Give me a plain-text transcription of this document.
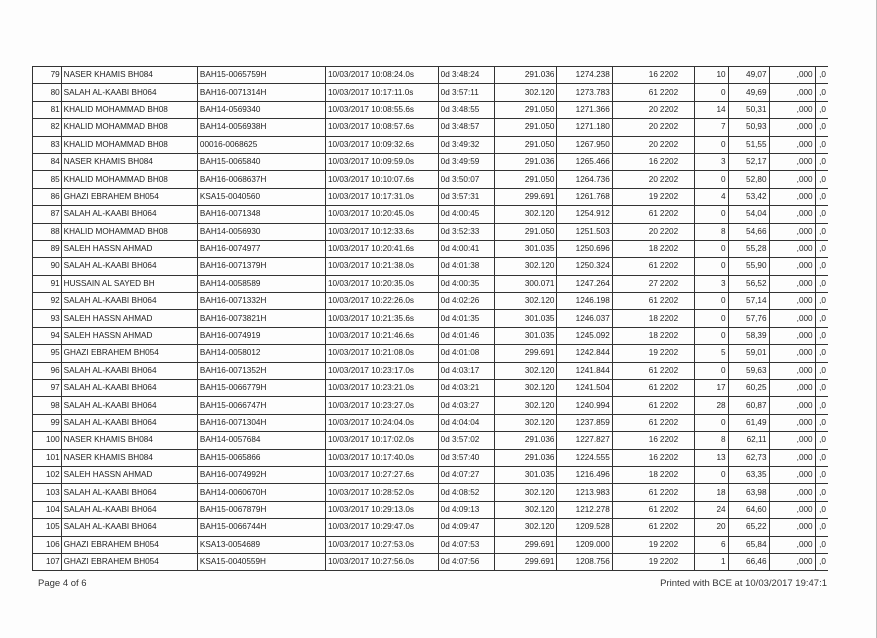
79	NASER KHAMIS BH084	BAH15-0065759H	10/03/2017 10:08:24.0s	0d 3:48:24	291.036	1274.238	16	2202	10	49,07	,000	,0
80	SALAH AL-KAABI BH064	BAH16-0071314H	10/03/2017 10:17:11.0s	0d 3:57:11	302.120	1273.783	61	2202	0	49,69	,000	,0
81	KHALID MOHAMMAD BH08	BAH14-0569340	10/03/2017 10:08:55.6s	0d 3:48:55	291.050	1271.366	20	2202	14	50,31	,000	,0
82	KHALID MOHAMMAD BH08	BAH14-0056938H	10/03/2017 10:08:57.6s	0d 3:48:57	291.050	1271.180	20	2202	7	50,93	,000	,0
83	KHALID MOHAMMAD BH08	00016-0068625	10/03/2017 10:09:32.6s	0d 3:49:32	291.050	1267.950	20	2202	0	51,55	,000	,0
84	NASER KHAMIS BH084	BAH15-0065840	10/03/2017 10:09:59.0s	0d 3:49:59	291.036	1265.466	16	2202	3	52,17	,000	,0
85	KHALID MOHAMMAD BH08	BAH16-0068637H	10/03/2017 10:10:07.6s	0d 3:50:07	291.050	1264.736	20	2202	0	52,80	,000	,0
86	GHAZI EBRAHEM BH054	KSA15-0040560	10/03/2017 10:17:31.0s	0d 3:57:31	299.691	1261.768	19	2202	4	53,42	,000	,0
87	SALAH AL-KAABI BH064	BAH16-0071348	10/03/2017 10:20:45.0s	0d 4:00:45	302.120	1254.912	61	2202	0	54,04	,000	,0
88	KHALID MOHAMMAD BH08	BAH14-0056930	10/03/2017 10:12:33.6s	0d 3:52:33	291.050	1251.503	20	2202	8	54,66	,000	,0
89	SALEH HASSN AHMAD	BAH16-0074977	10/03/2017 10:20:41.6s	0d 4:00:41	301.035	1250.696	18	2202	0	55,28	,000	,0
90	SALAH AL-KAABI BH064	BAH16-0071379H	10/03/2017 10:21:38.0s	0d 4:01:38	302.120	1250.324	61	2202	0	55,90	,000	,0
91	HUSSAIN AL SAYED BH	BAH14-0058589	10/03/2017 10:20:35.0s	0d 4:00:35	300.071	1247.264	27	2202	3	56,52	,000	,0
92	SALAH AL-KAABI BH064	BAH16-0071332H	10/03/2017 10:22:26.0s	0d 4:02:26	302.120	1246.198	61	2202	0	57,14	,000	,0
93	SALEH HASSN AHMAD	BAH16-0073821H	10/03/2017 10:21:35.6s	0d 4:01:35	301.035	1246.037	18	2202	0	57,76	,000	,0
94	SALEH HASSN AHMAD	BAH16-0074919	10/03/2017 10:21:46.6s	0d 4:01:46	301.035	1245.092	18	2202	0	58,39	,000	,0
95	GHAZI EBRAHEM BH054	BAH14-0058012	10/03/2017 10:21:08.0s	0d 4:01:08	299.691	1242.844	19	2202	5	59,01	,000	,0
96	SALAH AL-KAABI BH064	BAH16-0071352H	10/03/2017 10:23:17.0s	0d 4:03:17	302.120	1241.844	61	2202	0	59,63	,000	,0
97	SALAH AL-KAABI BH064	BAH15-0066779H	10/03/2017 10:23:21.0s	0d 4:03:21	302.120	1241.504	61	2202	17	60,25	,000	,0
98	SALAH AL-KAABI BH064	BAH15-0066747H	10/03/2017 10:23:27.0s	0d 4:03:27	302.120	1240.994	61	2202	28	60,87	,000	,0
99	SALAH AL-KAABI BH064	BAH16-0071304H	10/03/2017 10:24:04.0s	0d 4:04:04	302.120	1237.859	61	2202	0	61,49	,000	,0
100	NASER KHAMIS BH084	BAH14-0057684	10/03/2017 10:17:02.0s	0d 3:57:02	291.036	1227.827	16	2202	8	62,11	,000	,0
101	NASER KHAMIS BH084	BAH15-0065866	10/03/2017 10:17:40.0s	0d 3:57:40	291.036	1224.555	16	2202	13	62,73	,000	,0
102	SALEH HASSN AHMAD	BAH16-0074992H	10/03/2017 10:27:27.6s	0d 4:07:27	301.035	1216.496	18	2202	0	63,35	,000	,0
103	SALAH AL-KAABI BH064	BAH14-0060670H	10/03/2017 10:28:52.0s	0d 4:08:52	302.120	1213.983	61	2202	18	63,98	,000	,0
104	SALAH AL-KAABI BH064	BAH15-0067879H	10/03/2017 10:29:13.0s	0d 4:09:13	302.120	1212.278	61	2202	24	64,60	,000	,0
105	SALAH AL-KAABI BH064	BAH15-0066744H	10/03/2017 10:29:47.0s	0d 4:09:47	302.120	1209.528	61	2202	20	65,22	,000	,0
106	GHAZI EBRAHEM BH054	KSA13-0054689	10/03/2017 10:27:53.0s	0d 4:07:53	299.691	1209.000	19	2202	6	65,84	,000	,0
107	GHAZI EBRAHEM BH054	KSA15-0040559H	10/03/2017 10:27:56.0s	0d 4:07:56	299.691	1208.756	19	2202	1	66,46	,000	,0
Page 4 of 6	Printed with BCE at 10/03/2017 19:47:1
